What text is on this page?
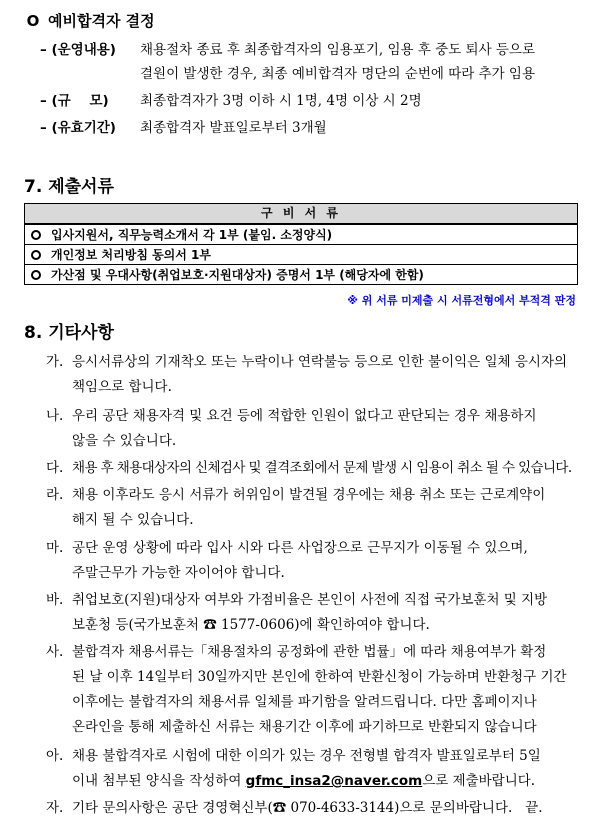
O 예비합격자 결정
– (운영내용)	채용절차 종료 후 최종합격자의 임용포기, 임용 후 중도 퇴사 등으로
결원이 발생한 경우, 최종 예비합격자 명단의 순번에 따라 추가 임용
– (규    모)	최종합격자가 3명 이하 시 1명, 4명 이상 시 2명
– (유효기간)	최종합격자 발표일로부터 3개월
7. 제출서류
구 비 서 류
입사지원서, 직무능력소개서 각 1부 (붙임. 소정양식)
개인정보 처리방침 동의서 1부
가산점 및 우대사항(취업보호·지원대상자) 증명서 1부 (해당자에 한함)
※ 위 서류 미제출 시 서류전형에서 부적격 판정
8. 기타사항
가. 응시서류상의 기재착오 또는 누락이나 연락불능 등으로 인한 불이익은 일체 응시자의
책임으로 합니다.
나. 우리 공단 채용자격 및 요건 등에 적합한 인원이 없다고 판단되는 경우 채용하지
않을 수 있습니다.
다. 채용 후 채용대상자의 신체검사 및 결격조회에서 문제 발생 시 임용이 취소 될 수 있습니다.
라. 채용 이후라도 응시 서류가 허위임이 발견될 경우에는 채용 취소 또는 근로계약이
해지 될 수 있습니다.
마. 공단 운영 상황에 따라 입사 시와 다른 사업장으로 근무지가 이동될 수 있으며,
주말근무가 가능한 자이어야 합니다.
바. 취업보호(지원)대상자 여부와 가점비율은 본인이 사전에 직접 국가보훈처 및 지방
보훈청 등(국가보훈처 ☎ 1577-0606)에 확인하여야 합니다.
사. 불합격자 채용서류는「채용절차의 공정화에 관한 법률」에 따라 채용여부가 확정
된 날 이후 14일부터 30일까지만 본인에 한하여 반환신청이 가능하며 반환청구 기간
이후에는 불합격자의 채용서류 일체를 파기함을 알려드립니다. 다만 홈페이지나
온라인을 통해 제출하신 서류는 채용기간 이후에 파기하므로 반환되지 않습니다
아. 채용 불합격자로 시험에 대한 이의가 있는 경우 전형별 합격자 발표일로부터 5일
이내 첨부된 양식을 작성하여 gfmc_insa2@naver.com으로 제출바랍니다.
자. 기타 문의사항은 공단 경영혁신부(☎ 070-4633-3144)으로 문의바랍니다.   끝.
